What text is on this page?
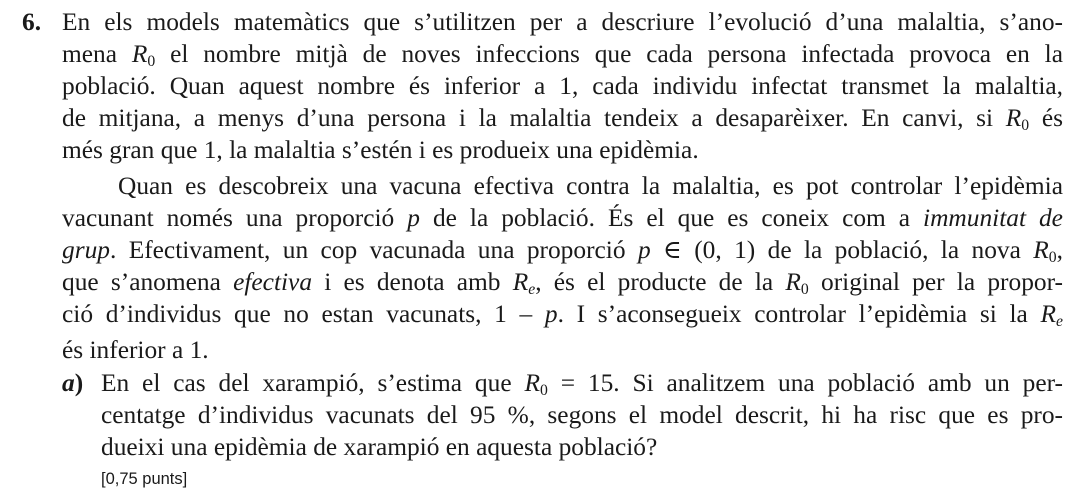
6. En els models matemàtics que s’utilitzen per a descriure l’evolució d’una malaltia, s’ano-
mena R0 el nombre mitjà de noves infeccions que cada persona infectada provoca en la
població. Quan aquest nombre és inferior a 1, cada individu infectat transmet la malaltia,
de mitjana, a menys d’una persona i la malaltia tendeix a desaparèixer. En canvi, si R0 és
més gran que 1, la malaltia s’estén i es produeix una epidèmia.
Quan es descobreix una vacuna efectiva contra la malaltia, es pot controlar l’epidèmia
vacunant només una proporció p de la població. És el que es coneix com a immunitat de
grup. Efectivament, un cop vacunada una proporció p ∈ (0, 1) de la població, la nova R0,
que s’anomena efectiva i es denota amb Re, és el producte de la R0 original per la propor-
ció d’individus que no estan vacunats, 1 – p. I s’aconsegueix controlar l’epidèmia si la Re
és inferior a 1.
a) En el cas del xarampió, s’estima que R0 = 15. Si analitzem una població amb un per-
centatge d’individus vacunats del 95 %, segons el model descrit, hi ha risc que es pro-
dueixi una epidèmia de xarampió en aquesta població?
[0,75 punts]
